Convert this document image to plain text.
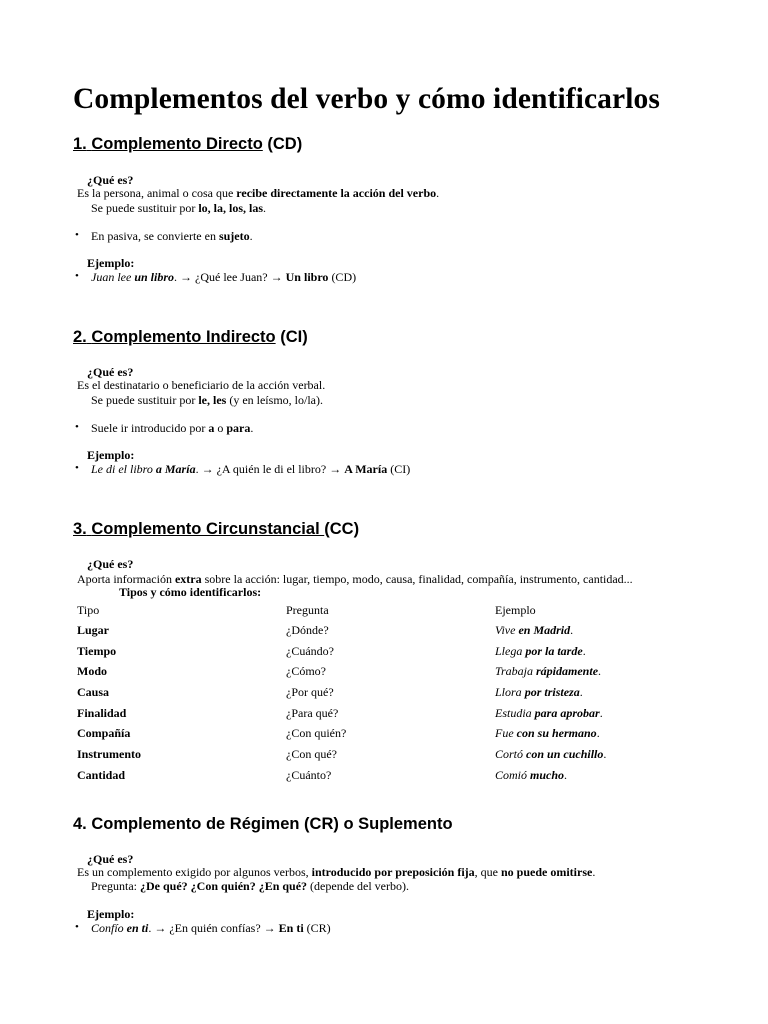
Complementos del verbo y cómo identificarlos
1. Complemento Directo (CD)
¿Qué es?
Es la persona, animal o cosa que recibe directamente la acción del verbo.
Se puede sustituir por lo, la, los, las.
• En pasiva, se convierte en sujeto.
Ejemplo:
• Juan lee un libro. → ¿Qué lee Juan? → Un libro (CD)
2. Complemento Indirecto (CI)
¿Qué es?
Es el destinatario o beneficiario de la acción verbal.
Se puede sustituir por le, les (y en leísmo, lo/la).
• Suele ir introducido por a o para.
Ejemplo:
• Le di el libro a María. → ¿A quién le di el libro? → A María (CI)
3. Complemento Circunstancial (CC)
¿Qué es?
Aporta información extra sobre la acción: lugar, tiempo, modo, causa, finalidad, compañía, instrumento, cantidad...
Tipos y cómo identificarlos:
Tipo	Pregunta	Ejemplo
Lugar	¿Dónde?	Vive en Madrid.
Tiempo	¿Cuándo?	Llega por la tarde.
Modo	¿Cómo?	Trabaja rápidamente.
Causa	¿Por qué?	Llora por tristeza.
Finalidad	¿Para qué?	Estudia para aprobar.
Compañía	¿Con quién?	Fue con su hermano.
Instrumento	¿Con qué?	Cortó con un cuchillo.
Cantidad	¿Cuánto?	Comió mucho.
4. Complemento de Régimen (CR) o Suplemento
¿Qué es?
Es un complemento exigido por algunos verbos, introducido por preposición fija, que no puede omitirse.
Pregunta: ¿De qué? ¿Con quién? ¿En qué? (depende del verbo).
Ejemplo:
• Confío en ti. → ¿En quién confías? → En ti (CR)
